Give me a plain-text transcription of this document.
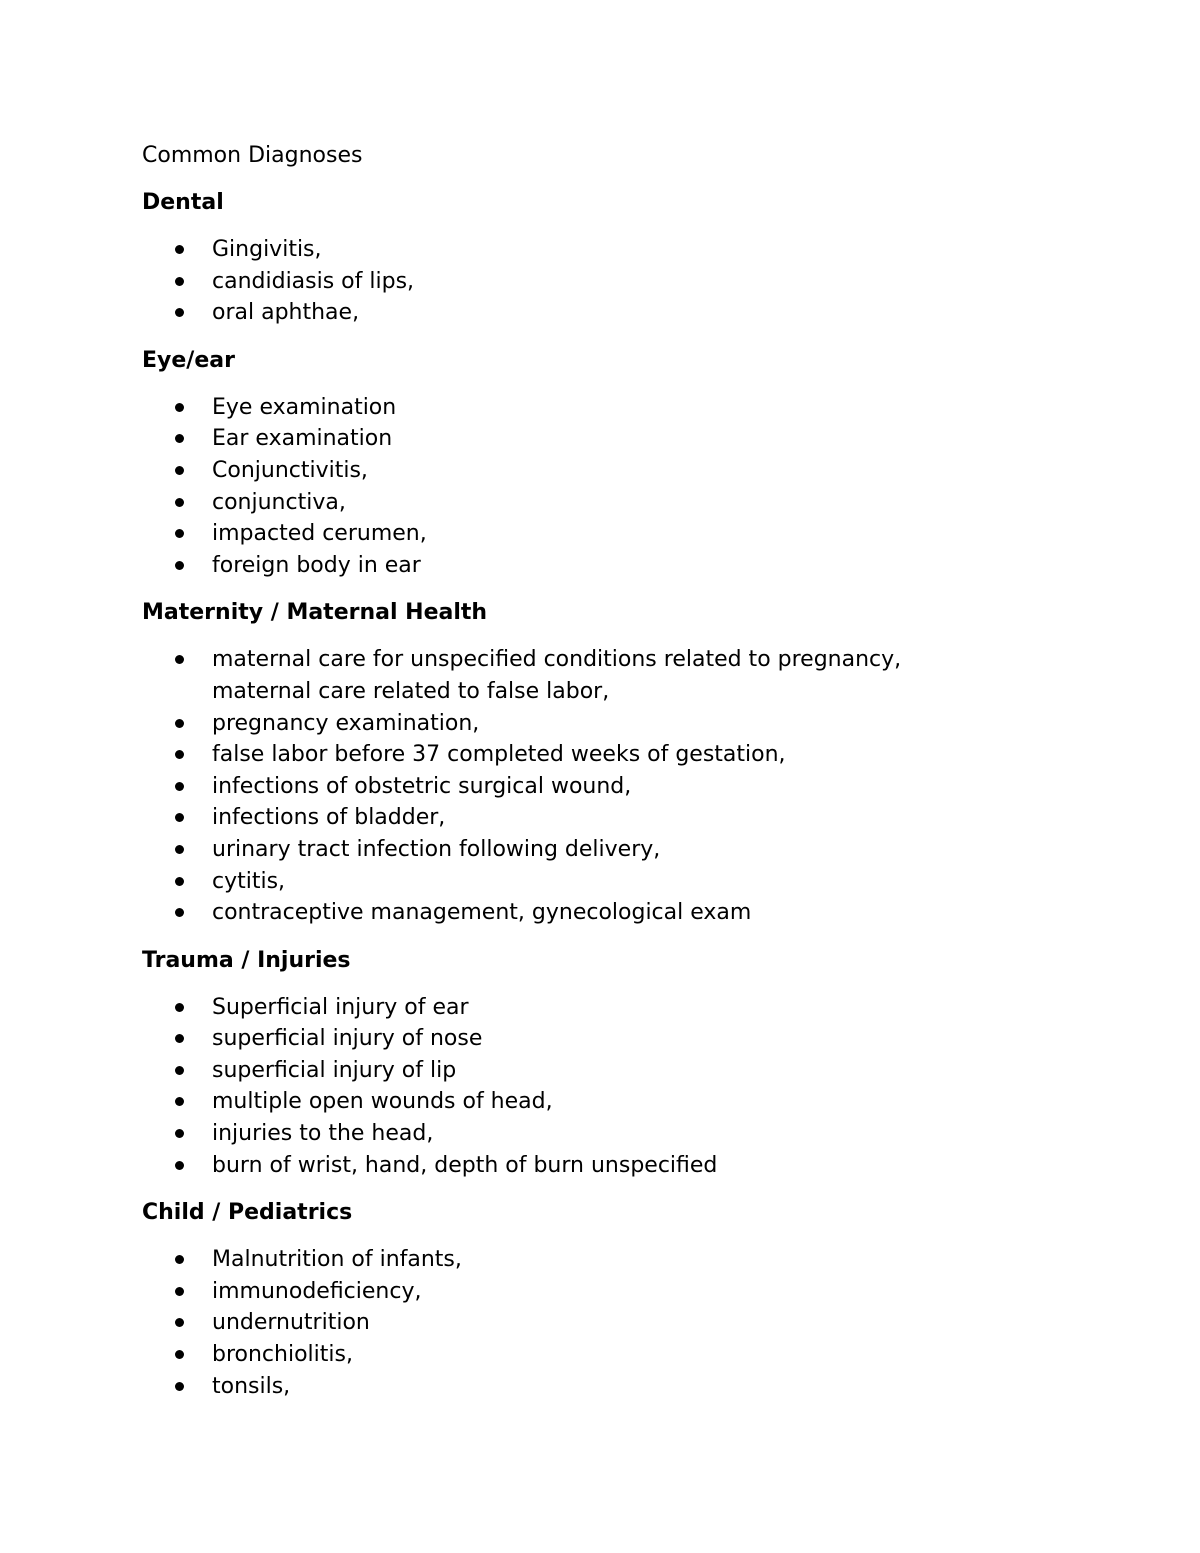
Common Diagnoses
Dental
Gingivitis,
candidiasis of lips,
oral aphthae,
Eye/ear
Eye examination
Ear examination
Conjunctivitis,
conjunctiva,
impacted cerumen,
foreign body in ear
Maternity / Maternal Health
maternal care for unspecified conditions related to pregnancy,
maternal care related to false labor,
pregnancy examination,
false labor before 37 completed weeks of gestation,
infections of obstetric surgical wound,
infections of bladder,
urinary tract infection following delivery,
cytitis,
contraceptive management, gynecological exam
Trauma / Injuries
Superficial injury of ear
superficial injury of nose
superficial injury of lip
multiple open wounds of head,
injuries to the head,
burn of wrist, hand, depth of burn unspecified
Child / Pediatrics
Malnutrition of infants,
immunodeficiency,
undernutrition
bronchiolitis,
tonsils,
